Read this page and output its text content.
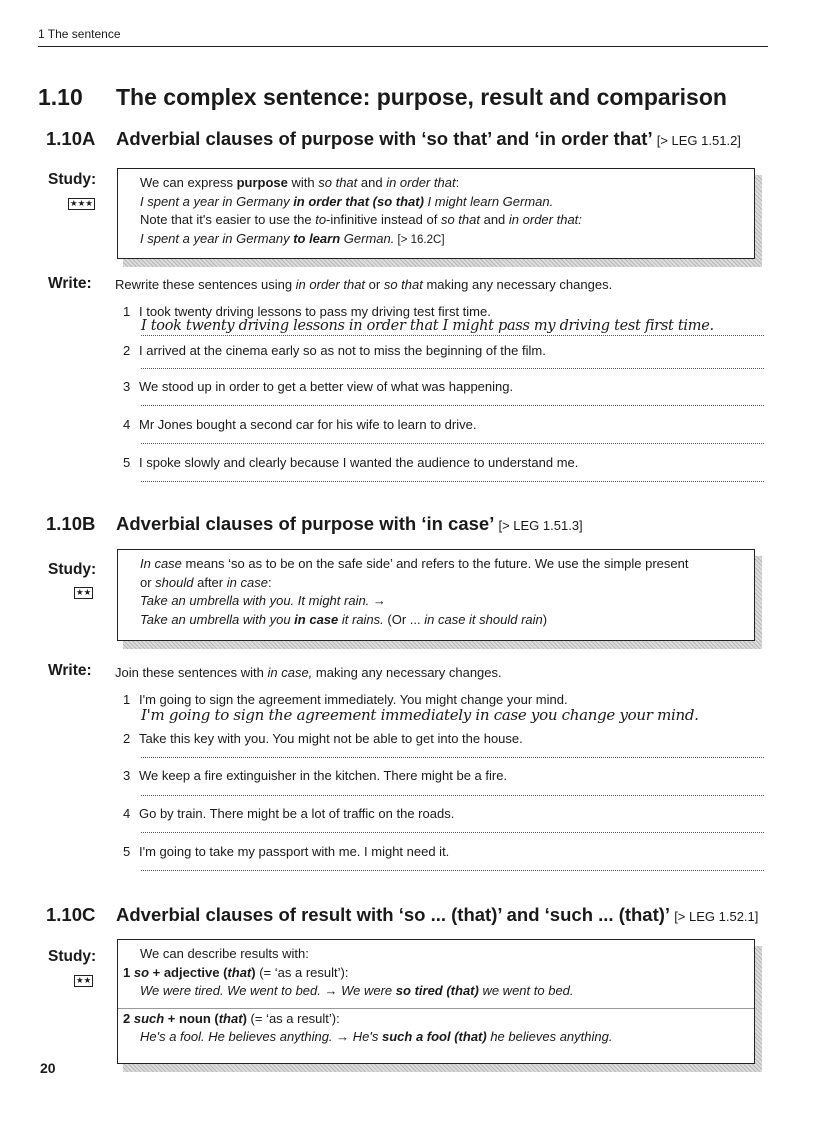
1 The sentence
1.10 The complex sentence: purpose, result and comparison
1.10A Adverbial clauses of purpose with ‘so that’ and ‘in order that’ [> LEG 1.51.2]
Study:
★★★
We can express purpose with so that and in order that:
I spent a year in Germany in order that (so that) I might learn German.
Note that it's easier to use the to-infinitive instead of so that and in order that:
I spent a year in Germany to learn German. [> 16.2C]
Write: Rewrite these sentences using in order that or so that making any necessary changes.
1 I took twenty driving lessons to pass my driving test first time.
I took twenty driving lessons in order that I might pass my driving test first time.
2 I arrived at the cinema early so as not to miss the beginning of the film.
3 We stood up in order to get a better view of what was happening.
4 Mr Jones bought a second car for his wife to learn to drive.
5 I spoke slowly and clearly because I wanted the audience to understand me.
1.10B Adverbial clauses of purpose with ‘in case’ [> LEG 1.51.3]
Study:
★★
In case means ‘so as to be on the safe side’ and refers to the future. We use the simple present
or should after in case:
Take an umbrella with you. It might rain. →
Take an umbrella with you in case it rains. (Or ... in case it should rain)
Write: Join these sentences with in case, making any necessary changes.
1 I'm going to sign the agreement immediately. You might change your mind.
I'm going to sign the agreement immediately in case you change your mind.
2 Take this key with you. You might not be able to get into the house.
3 We keep a fire extinguisher in the kitchen. There might be a fire.
4 Go by train. There might be a lot of traffic on the roads.
5 I'm going to take my passport with me. I might need it.
1.10C Adverbial clauses of result with ‘so ... (that)’ and ‘such ... (that)’ [> LEG 1.52.1]
Study:
★★
We can describe results with:
1 so + adjective (that) (= ‘as a result’):
We were tired. We went to bed. → We were so tired (that) we went to bed.
2 such + noun (that) (= ‘as a result’):
He's a fool. He believes anything. → He's such a fool (that) he believes anything.
20
